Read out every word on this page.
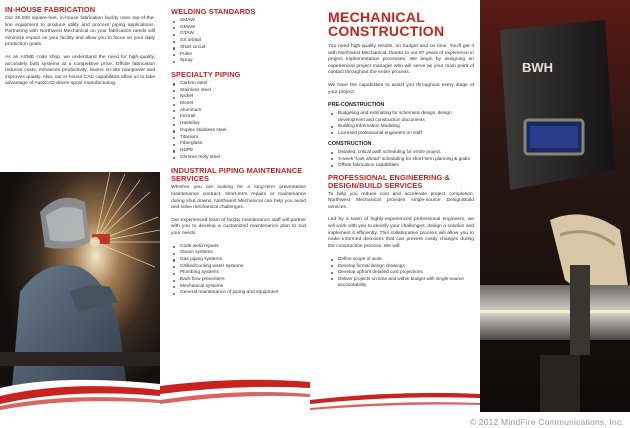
IN-HOUSE FABRICATION

Our 25,000 square-feet, in-house fabrication facility uses top-of-the-line equipment to produce utility and process piping applications. Partnering with Northwest Mechanical on your fabrication needs will minimize impact on your facility and allow you to focus on your daily production goals.

As an ASME code shop, we understand the need for high-quality, accurately built systems at a competitive price. Offsite fabrication reduces costs, enhances productivity, lowers on-site manpower and improves quality. Also, our in-house CAD capabilities allow us to take advantage of AutoCAD driven spool manufacturing.

WELDING STANDARDS
SMAW
GMAW
GTAW
SS orbital
Short circuit
Pulse
Spray
SPECIALTY PIPING
Carbon steel
Stainless steel
Nickel
Monel
Aluminum
Inconel
Hastelloy
Duplex stainless steel
Titanium
Fiberglass
HDPE
Chrome moly steel
INDUSTRIAL PIPING MAINTENANCE SERVICES

Whether you are looking for a long-term preventative maintenance contract, short-term repairs or maintenance during shut downs, Northwest Mechanical can help you avoid and solve mechanical challenges.

Our experienced team of facility maintenance staff will partner with you to develop a customized maintenance plan to suit your needs.

Code weld repairs
Steam systems
Gas piping systems
Chilled/cooling water systems
Plumbing systems
Back flow preventers
Mechanical systems
General maintenance of piping and equipment
MECHANICAL
CONSTRUCTION

You need high-quality results, on budget and on time. You'll get it with Northwest Mechanical, thanks to our 87 years of experience in project implementation processes. We begin by assigning an experienced project manager who will serve as your main point of contact throughout the entire process.

We have the capabilities to assist you throughout every stage of your project:

PRE-CONSTRUCTION
Budgeting and estimating for schematic design, design development and construction documents
Building Information Modeling
Licensed professional engineers on staff
CONSTRUCTION
Detailed, critical path scheduling for entire project
3-week "look ahead" scheduling for short-term planning & goals
Offsite fabrication capabilities
PROFESSIONAL ENGINEERING &
DESIGN/BUILD SERVICES

To help you reduce cost and accelerate project completion, Northwest Mechanical provides single-source Design/Build services.

Led by a team of highly-experienced professional engineers, we will work with you to identify your challenges, design a solution and implement it efficiently. This collaborative process will allow you to make informed decisions that can prevent costly changes during the construction process. We will:

Define scope of work
Develop formal design drawings
Develop upfront detailed cost projections
Deliver projects on time and within budget with single-source accountability
BWH
© 2012 MindFire Communications, Inc.
